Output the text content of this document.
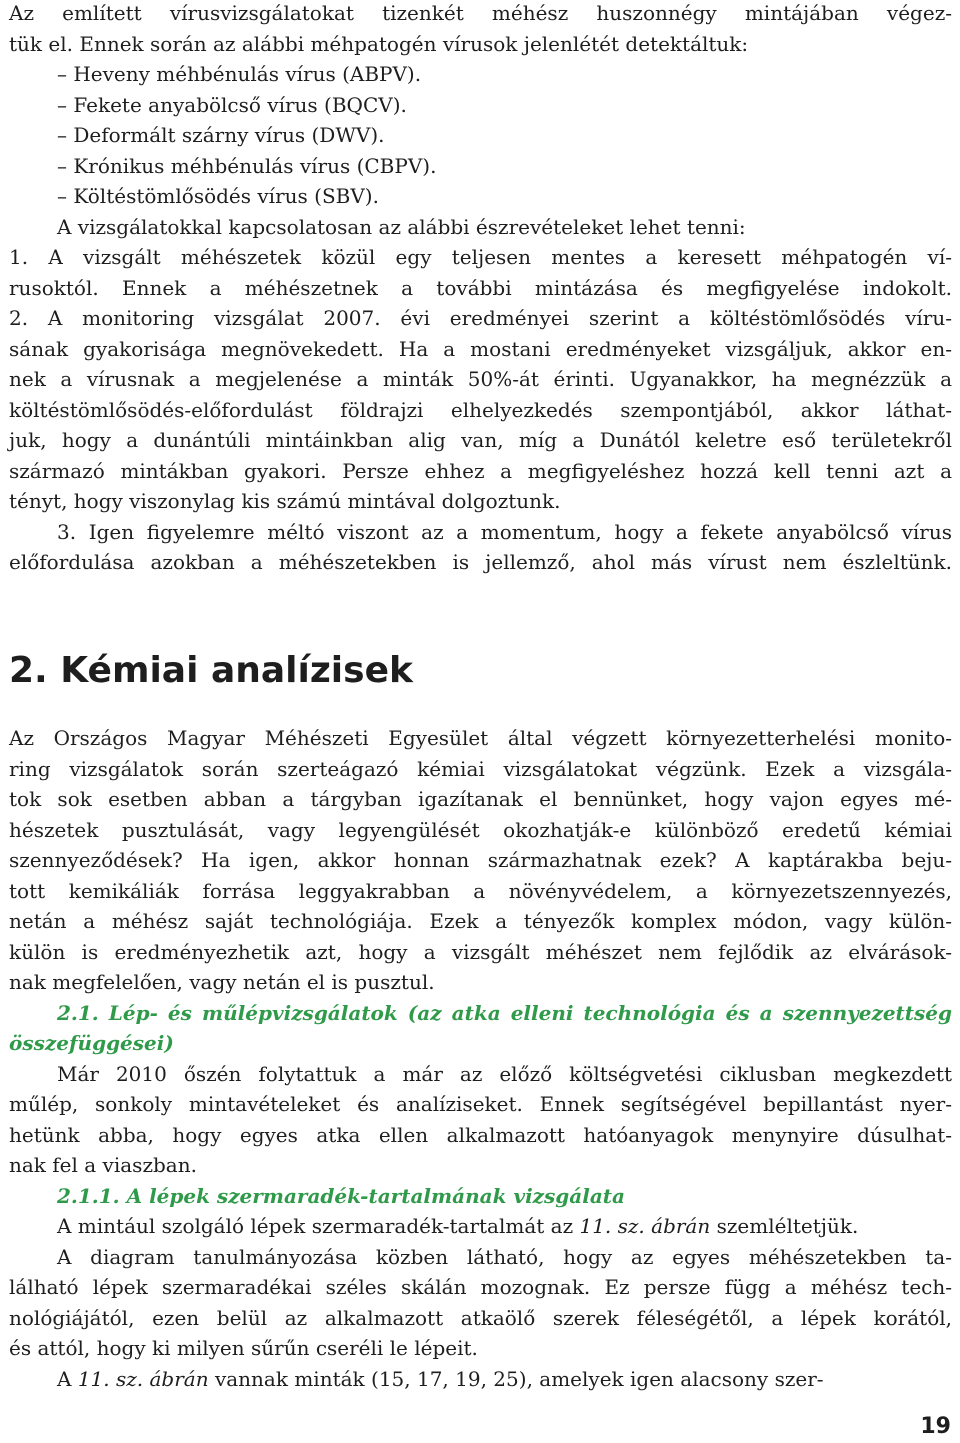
Az említett vírusvizsgálatokat tizenkét méhész huszonnégy mintájában végez-
tük el. Ennek során az alábbi méhpatogén vírusok jelenlétét detektáltuk:
– Heveny méhbénulás vírus (ABPV).
– Fekete anyabölcső vírus (BQCV).
– Deformált szárny vírus (DWV).
– Krónikus méhbénulás vírus (CBPV).
– Költéstömlősödés vírus (SBV).
A vizsgálatokkal kapcsolatosan az alábbi észrevételeket lehet tenni:
1. A vizsgált méhészetek közül egy teljesen mentes a keresett méhpatogén ví-
rusoktól. Ennek a méhészetnek a további mintázása és megfigyelése indokolt.
2. A monitoring vizsgálat 2007. évi eredményei szerint a költéstömlősödés víru-
sának gyakorisága megnövekedett. Ha a mostani eredményeket vizsgáljuk, akkor en-
nek a vírusnak a megjelenése a minták 50%-át érinti. Ugyanakkor, ha megnézzük a
költéstömlősödés-előfordulást földrajzi elhelyezkedés szempontjából, akkor láthat-
juk, hogy a dunántúli mintáinkban alig van, míg a Dunától keletre eső területekről
származó mintákban gyakori. Persze ehhez a megfigyeléshez hozzá kell tenni azt a
tényt, hogy viszonylag kis számú mintával dolgoztunk.
3. Igen figyelemre méltó viszont az a momentum, hogy a fekete anyabölcső vírus
előfordulása azokban a méhészetekben is jellemző, ahol más vírust nem észleltünk.
2. Kémiai analízisek
Az Országos Magyar Méhészeti Egyesület által végzett környezetterhelési monito-
ring vizsgálatok során szerteágazó kémiai vizsgálatokat végzünk. Ezek a vizsgála-
tok sok esetben abban a tárgyban igazítanak el bennünket, hogy vajon egyes mé-
hészetek pusztulását, vagy legyengülését okozhatják-e különböző eredetű kémiai
szennyeződések? Ha igen, akkor honnan származhatnak ezek? A kaptárakba beju-
tott kemikáliák forrása leggyakrabban a növényvédelem, a környezetszennyezés,
netán a méhész saját technológiája. Ezek a tényezők komplex módon, vagy külön-
külön is eredményezhetik azt, hogy a vizsgált méhészet nem fejlődik az elvárások-
nak megfelelően, vagy netán el is pusztul.
2.1. Lép- és műlépvizsgálatok (az atka elleni technológia és a szennyezettség
összefüggései)
Már 2010 őszén folytattuk a már az előző költségvetési ciklusban megkezdett
műlép, sonkoly mintavételeket és analíziseket. Ennek segítségével bepillantást nyer-
hetünk abba, hogy egyes atka ellen alkalmazott hatóanyagok menynyire dúsulhat-
nak fel a viaszban.
2.1.1. A lépek szermaradék-tartalmának vizsgálata
A mintául szolgáló lépek szermaradék-tartalmát az 11. sz. ábrán szemléltetjük.
A diagram tanulmányozása közben látható, hogy az egyes méhészetekben ta-
lálható lépek szermaradékai széles skálán mozognak. Ez persze függ a méhész tech-
nológiájától, ezen belül az alkalmazott atkaölő szerek féleségétől, a lépek korától,
és attól, hogy ki milyen sűrűn cseréli le lépeit.
A 11. sz. ábrán vannak minták (15, 17, 19, 25), amelyek igen alacsony szer-
19
